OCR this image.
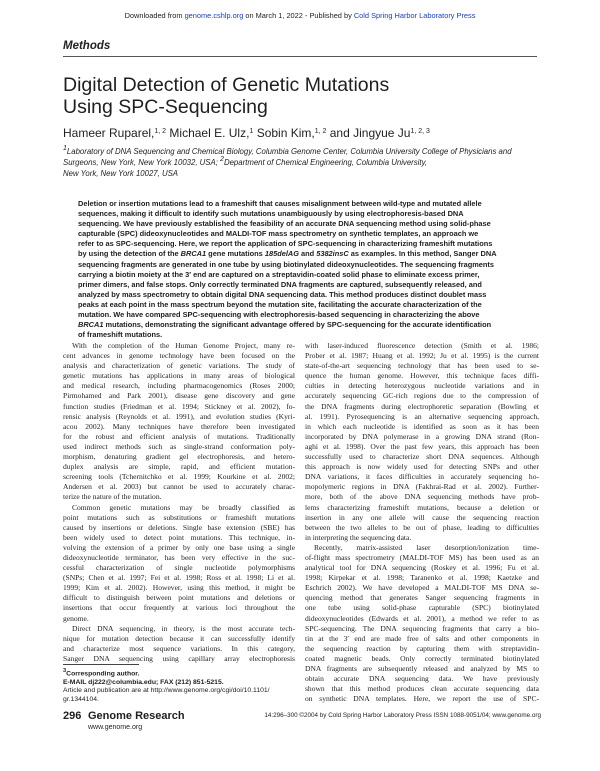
Downloaded from genome.cshlp.org on March 1, 2022 - Published by Cold Spring Harbor Laboratory Press
Methods
Digital Detection of Genetic Mutations
Using SPC-Sequencing
Hameer Ruparel,$^{1, 2}$ Michael E. Ulz,$^1$ Sobin Kim,$^{1, 2}$ and Jingyue Ju$^{1, 2, 3}$
$^1$Laboratory of DNA Sequencing and Chemical Biology, Columbia Genome Center, Columbia University College of Physicians and
Surgeons, New York, New York 10032, USA; $^2$Department of Chemical Engineering, Columbia University,
New York, New York 10027, USA
Deletion or insertion mutations lead to a frameshift that causes misalignment between wild-type and mutated allele
sequences, making it difficult to identify such mutations unambiguously by using electrophoresis-based DNA
sequencing. We have previously established the feasibility of an accurate DNA sequencing method using solid-phase
capturable (SPC) dideoxynucleotides and MALDI-TOF mass spectrometry on synthetic templates, an approach we
refer to as SPC-sequencing. Here, we report the application of SPC-sequencing in characterizing frameshift mutations
by using the detection of the BRCA1 gene mutations 185delAG and 5382insC as examples. In this method, Sanger DNA
sequencing fragments are generated in one tube by using biotinylated dideoxynucleotides. The sequencing fragments
carrying a biotin moiety at the 3′ end are captured on a streptavidin-coated solid phase to eliminate excess primer,
primer dimers, and false stops. Only correctly terminated DNA fragments are captured, subsequently released, and
analyzed by mass spectrometry to obtain digital DNA sequencing data. This method produces distinct doublet mass
peaks at each point in the mass spectrum beyond the mutation site, facilitating the accurate characterization of the
mutation. We have compared SPC-sequencing with electrophoresis-based sequencing in characterizing the above
BRCA1 mutations, demonstrating the significant advantage offered by SPC-sequencing for the accurate identification
of frameshift mutations.
With the completion of the Human Genome Project, many re-
cent advances in genome technology have been focused on the
analysis and characterization of genetic variations. The study of
genetic mutations has applications in many areas of biological
and medical research, including pharmacogenomics (Roses 2000;
Pirmohamed and Park 2001), disease gene discovery and gene
function studies (Friedman et al. 1994; Stickney et al. 2002), fo-
rensic analysis (Reynolds et al. 1991), and evolution studies (Kyri-
acou 2002). Many techniques have therefore been investigated
for the robust and efficient analysis of mutations. Traditionally
used indirect methods such as single-strand conformation poly-
morphism, denaturing gradient gel electrophoresis, and hetero-
duplex analysis are simple, rapid, and efficient mutation-
screening tools (Tchernitchko et al. 1999; Kourkine et al. 2002;
Andersen et al. 2003) but cannot be used to accurately charac-
terize the nature of the mutation.
Common genetic mutations may be broadly classified as
point mutations such as substitutions or frameshift mutations
caused by insertions or deletions. Single base extension (SBE) has
been widely used to detect point mutations. This technique, in-
volving the extension of a primer by only one base using a single
dideoxynucleotide terminator, has been very effective in the suc-
cessful characterization of single nucleotide polymorphisms
(SNPs; Chen et al. 1997; Fei et al. 1998; Ross et al. 1998; Li et al.
1999; Kim et al. 2002). However, using this method, it might be
difficult to distinguish between point mutations and deletions or
insertions that occur frequently at various loci throughout the
genome.
Direct DNA sequencing, in theory, is the most accurate tech-
nique for mutation detection because it can successfully identify
and characterize most sequence variations. In this category,
Sanger DNA sequencing using capillary array electrophoresis
with laser-induced fluorescence detection (Smith et al. 1986;
Prober et al. 1987; Huang et al. 1992; Ju et al. 1995) is the current
state-of-the-art sequencing technology that has been used to se-
quence the human genome. However, this technique faces diffi-
culties in detecting heterozygous nucleotide variations and in
accurately sequencing GC-rich regions due to the compression of
the DNA fragments during electrophoretic separation (Bowling et
al. 1991). Pyrosequencing is an alternative sequencing approach,
in which each nucleotide is identified as soon as it has been
incorporated by DNA polymerase in a growing DNA strand (Ron-
aghi et al. 1998). Over the past few years, this approach has been
successfully used to characterize short DNA sequences. Although
this approach is now widely used for detecting SNPs and other
DNA variations, it faces difficulties in accurately sequencing ho-
mopolymeric regions in DNA (Fakhrai-Rad et al. 2002). Further-
more, both of the above DNA sequencing methods have prob-
lems characterizing frameshift mutations, because a deletion or
insertion in any one allele will cause the sequencing reaction
between the two alleles to be out of phase, leading to difficulties
in interpreting the sequencing data.
Recently, matrix-assisted laser desorption/ionization time-
of-flight mass spectrometry (MALDI-TOF MS) has been used as an
analytical tool for DNA sequencing (Roskey et al. 1996; Fu et al.
1998; Kirpekar et al. 1998; Taranenko et al. 1998; Kaetzke and
Eschrich 2002). We have developed a MALDI-TOF MS DNA se-
quencing method that generates Sanger sequencing fragments in
one tube using solid-phase capturable (SPC) biotinylated
dideoxynucleotides (Edwards et al. 2001), a method we refer to as
SPC-sequencing. The DNA sequencing fragments that carry a bio-
tin at the 3′ end are made free of salts and other components in
the sequencing reaction by capturing them with streptavidin-
coated magnetic beads. Only correctly terminated biotinylated
DNA fragments are subsequently released and analyzed by MS to
obtain accurate DNA sequencing data. We have previously
shown that this method produces clean accurate sequencing data
on synthetic DNA templates. Here, we report the use of SPC-
$^3$Corresponding author.
E-MAIL dj222@columbia.edu; FAX (212) 851-5215.
Article and publication are at http://www.genome.org/cgi/doi/10.1101/
gr.1344104.
296 Genome Research
www.genome.org
14:296–300 ©2004 by Cold Spring Harbor Laboratory Press ISSN 1088-9051/04; www.genome.org
